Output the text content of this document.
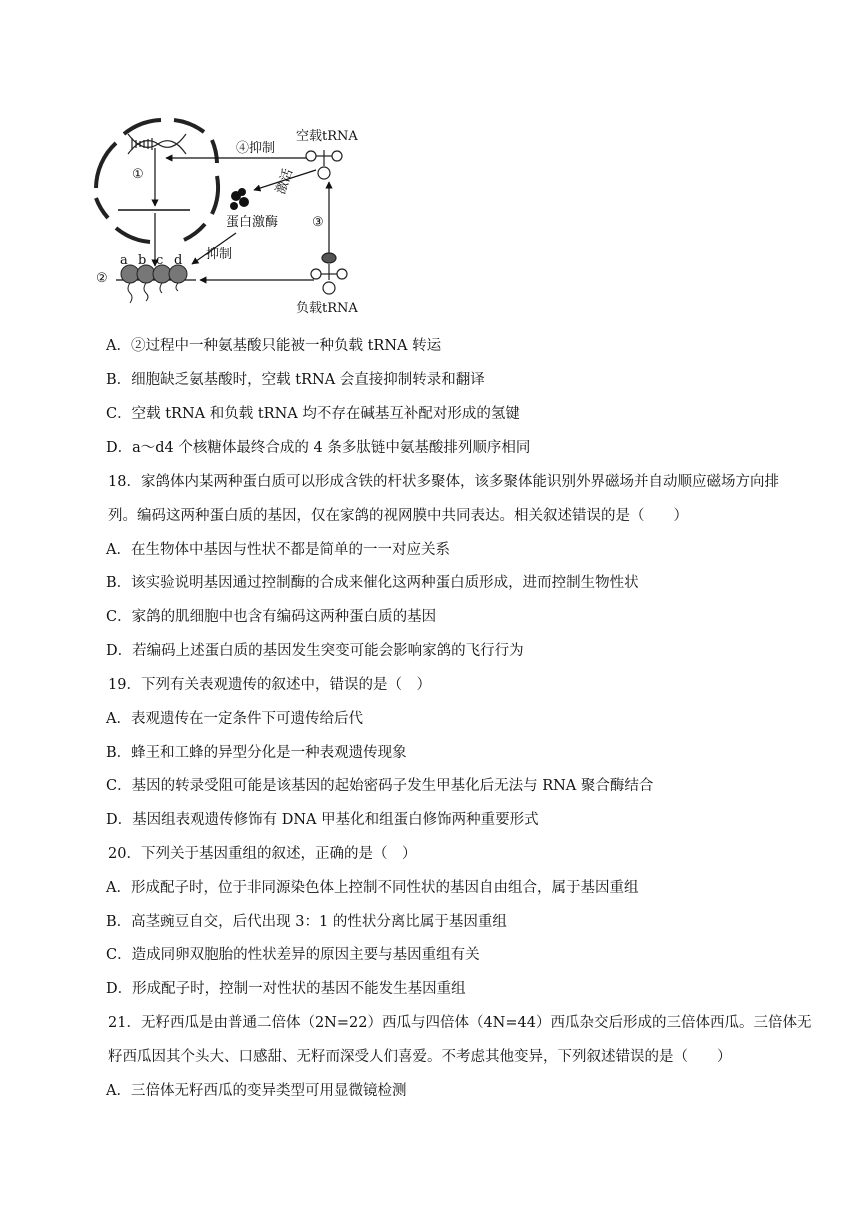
①
②
a b c d
空载tRNA
④抑制
激活
蛋白激酶
抑制
③
负载tRNA
A．②过程中一种氨基酸只能被一种负载 tRNA 转运
B．细胞缺乏氨基酸时，空载 tRNA 会直接抑制转录和翻译
C．空载 tRNA 和负载 tRNA 均不存在碱基互补配对形成的氢键
D．a～d4 个核糖体最终合成的 4 条多肽链中氨基酸排列顺序相同
18．家鸽体内某两种蛋白质可以形成含铁的杆状多聚体，该多聚体能识别外界磁场并自动顺应磁场方向排
列。编码这两种蛋白质的基因，仅在家鸽的视网膜中共同表达。相关叙述错误的是（　　）
A．在生物体中基因与性状不都是简单的一一对应关系
B．该实验说明基因通过控制酶的合成来催化这两种蛋白质形成，进而控制生物性状
C．家鸽的肌细胞中也含有编码这两种蛋白质的基因
D．若编码上述蛋白质的基因发生突变可能会影响家鸽的飞行行为
19．下列有关表观遗传的叙述中，错误的是（　）
A．表观遗传在一定条件下可遗传给后代
B．蜂王和工蜂的异型分化是一种表观遗传现象
C．基因的转录受阻可能是该基因的起始密码子发生甲基化后无法与 RNA 聚合酶结合
D．基因组表观遗传修饰有 DNA 甲基化和组蛋白修饰两种重要形式
20．下列关于基因重组的叙述，正确的是（　）
A．形成配子时，位于非同源染色体上控制不同性状的基因自由组合，属于基因重组
B．高茎豌豆自交，后代出现 3：1 的性状分离比属于基因重组
C．造成同卵双胞胎的性状差异的原因主要与基因重组有关
D．形成配子时，控制一对性状的基因不能发生基因重组
21．无籽西瓜是由普通二倍体（2N=22）西瓜与四倍体（4N=44）西瓜杂交后形成的三倍体西瓜。三倍体无
籽西瓜因其个头大、口感甜、无籽而深受人们喜爱。不考虑其他变异，下列叙述错误的是（　　）
A．三倍体无籽西瓜的变异类型可用显微镜检测
